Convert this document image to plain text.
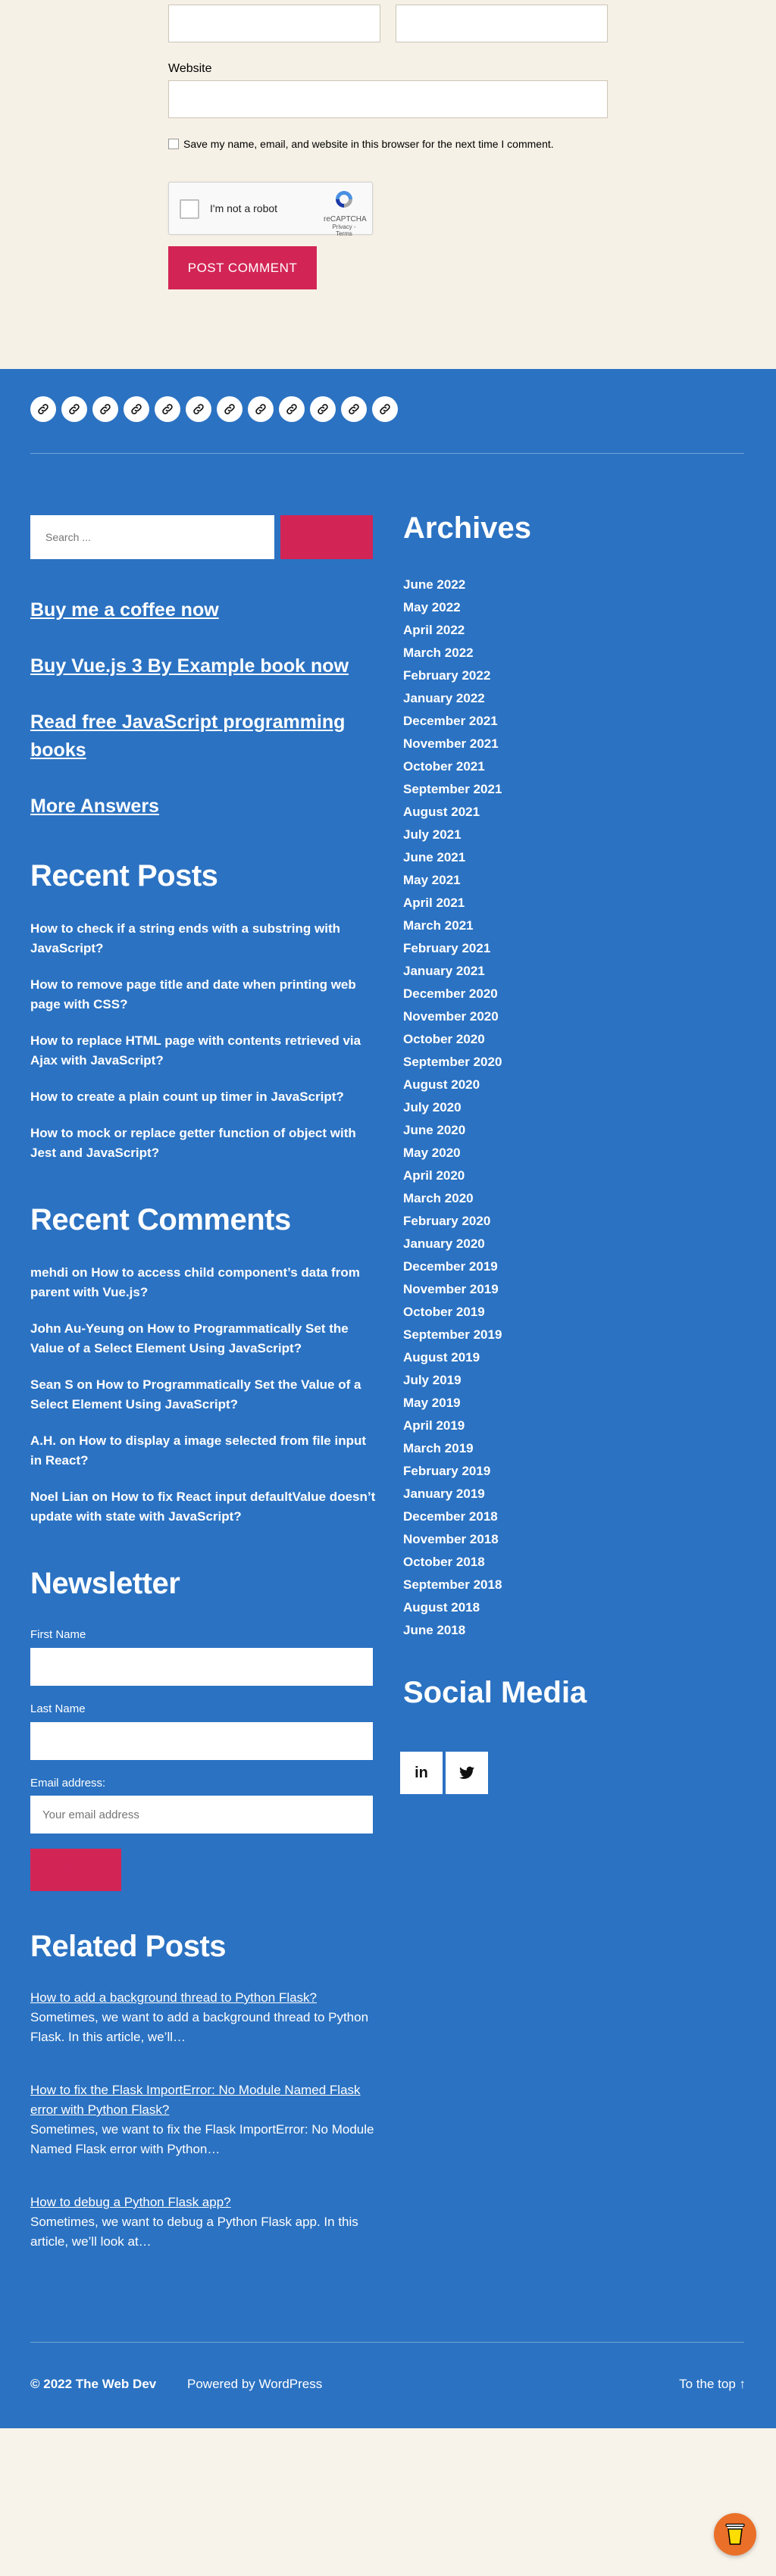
Website
Save my name, email, and website in this browser for the next time I comment.
I'm not a robot
reCAPTCHA
Privacy - Terms
POST COMMENT
Search ...
Search
Buy me a coffee now
Buy Vue.js 3 By Example book now
Read free JavaScript programming books
More Answers
Recent Posts
How to check if a string ends with a substring with JavaScript?
How to remove page title and date when printing web page with CSS?
How to replace HTML page with contents retrieved via Ajax with JavaScript?
How to create a plain count up timer in JavaScript?
How to mock or replace getter function of object with Jest and JavaScript?
Recent Comments
mehdi on How to access child component’s data from parent with Vue.js?
John Au-Yeung on How to Programmatically Set the Value of a Select Element Using JavaScript?
Sean S on How to Programmatically Set the Value of a Select Element Using JavaScript?
A.H. on How to display a image selected from file input in React?
Noel Lian on How to fix React input defaultValue doesn’t update with state with JavaScript?
Newsletter
First Name
Last Name
Email address:
Your email address
Sign up
Related Posts
How to add a background thread to Python Flask?
Sometimes, we want to add a background thread to Python Flask. In this article, we’ll…
How to fix the Flask ImportError: No Module Named Flask error with Python Flask?
Sometimes, we want to fix the Flask ImportError: No Module Named Flask error with Python…
How to debug a Python Flask app?
Sometimes, we want to debug a Python Flask app. In this article, we’ll look at…
Archives
June 2022
May 2022
April 2022
March 2022
February 2022
January 2022
December 2021
November 2021
October 2021
September 2021
August 2021
July 2021
June 2021
May 2021
April 2021
March 2021
February 2021
January 2021
December 2020
November 2020
October 2020
September 2020
August 2020
July 2020
June 2020
May 2020
April 2020
March 2020
February 2020
January 2020
December 2019
November 2019
October 2019
September 2019
August 2019
July 2019
May 2019
April 2019
March 2019
February 2019
January 2019
December 2018
November 2018
October 2018
September 2018
August 2018
June 2018
Social Media
in
© 2022 The Web Dev Powered by WordPress	To the top ↑
